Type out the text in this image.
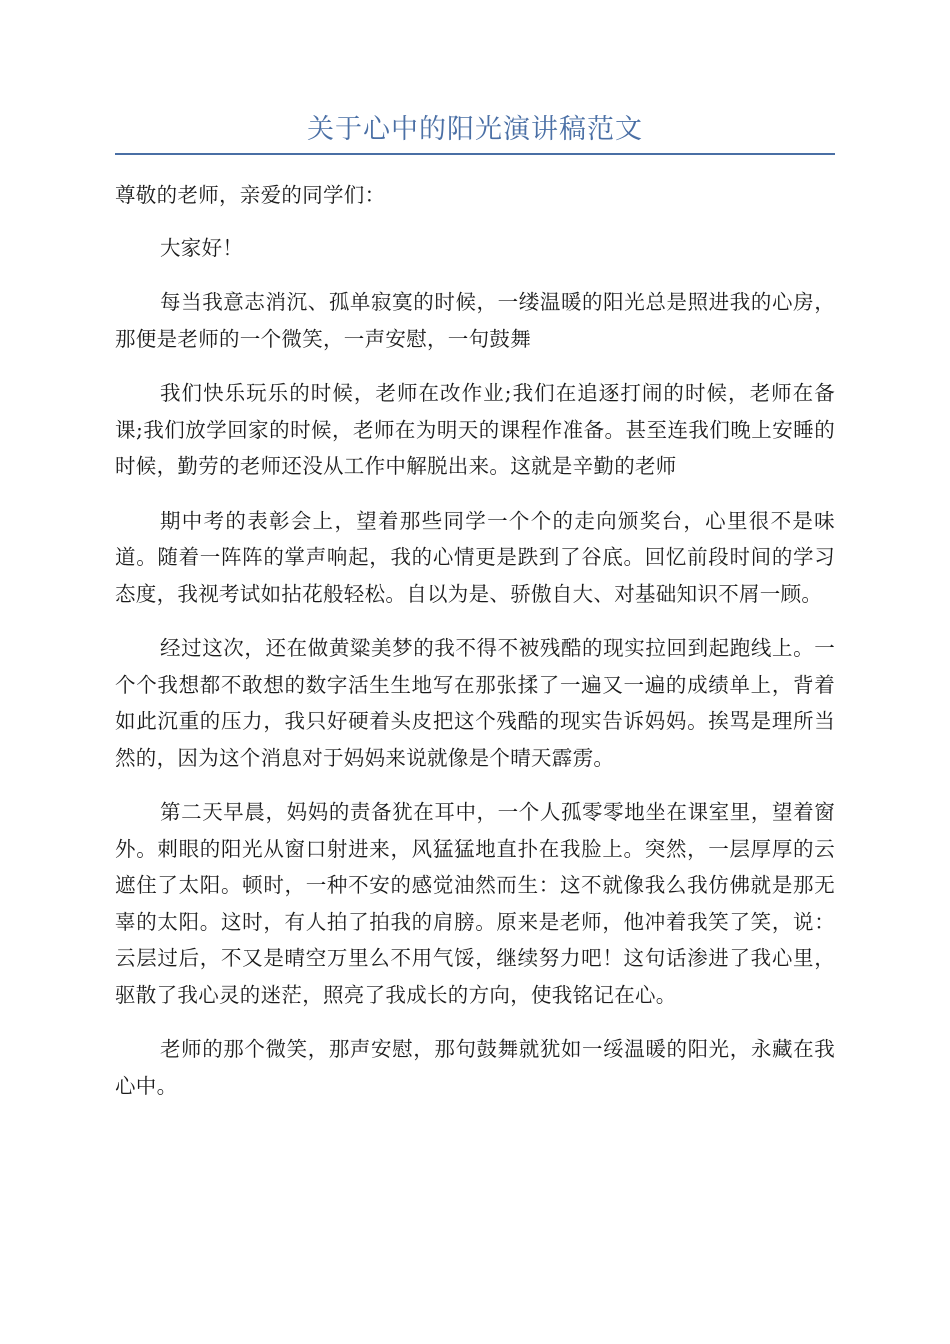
关于心中的阳光演讲稿范文

尊敬的老师，亲爱的同学们：

大家好！

每当我意志消沉、孤单寂寞的时候，一缕温暖的阳光总是照进我的心房，那便是老师的一个微笑，一声安慰，一句鼓舞

我们快乐玩乐的时候，老师在改作业;我们在追逐打闹的时候，老师在备课;我们放学回家的时候，老师在为明天的课程作准备。甚至连我们晚上安睡的时候，勤劳的老师还没从工作中解脱出来。这就是辛勤的老师

期中考的表彰会上，望着那些同学一个个的走向颁奖台，心里很不是味道。随着一阵阵的掌声响起，我的心情更是跌到了谷底。回忆前段时间的学习态度，我视考试如拈花般轻松。自以为是、骄傲自大、对基础知识不屑一顾。

经过这次，还在做黄粱美梦的我不得不被残酷的现实拉回到起跑线上。一个个我想都不敢想的数字活生生地写在那张揉了一遍又一遍的成绩单上，背着如此沉重的压力，我只好硬着头皮把这个残酷的现实告诉妈妈。挨骂是理所当然的，因为这个消息对于妈妈来说就像是个晴天霹雳。

第二天早晨，妈妈的责备犹在耳中，一个人孤零零地坐在课室里，望着窗外。刺眼的阳光从窗口射进来，风猛猛地直扑在我脸上。突然，一层厚厚的云遮住了太阳。顿时，一种不安的感觉油然而生：这不就像我么我仿佛就是那无辜的太阳。这时，有人拍了拍我的肩膀。原来是老师，他冲着我笑了笑，说：云层过后，不又是晴空万里么不用气馁，继续努力吧！这句话渗进了我心里，驱散了我心灵的迷茫，照亮了我成长的方向，使我铭记在心。

老师的那个微笑，那声安慰，那句鼓舞就犹如一绥温暖的阳光，永藏在我心中。
